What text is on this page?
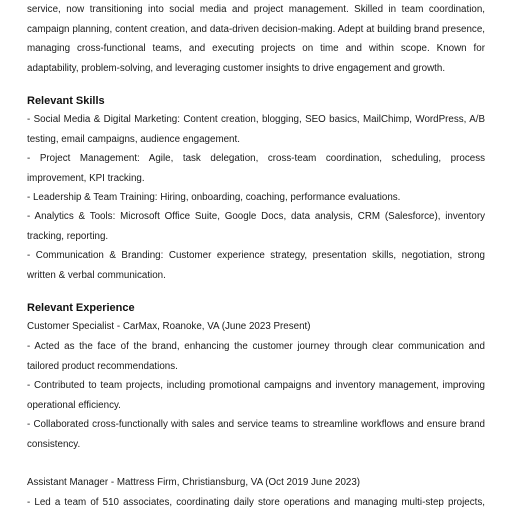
service, now transitioning into social media and project management. Skilled in team coordination, campaign planning, content creation, and data-driven decision-making. Adept at building brand presence, managing cross-functional teams, and executing projects on time and within scope. Known for adaptability, problem-solving, and leveraging customer insights to drive engagement and growth.

Relevant Skills

- Social Media & Digital Marketing: Content creation, blogging, SEO basics, MailChimp, WordPress, A/B testing, email campaigns, audience engagement.

- Project Management: Agile, task delegation, cross-team coordination, scheduling, process improvement, KPI tracking.

- Leadership & Team Training: Hiring, onboarding, coaching, performance evaluations.

- Analytics & Tools: Microsoft Office Suite, Google Docs, data analysis, CRM (Salesforce), inventory tracking, reporting.

- Communication & Branding: Customer experience strategy, presentation skills, negotiation, strong written & verbal communication.

Relevant Experience

Customer Specialist - CarMax, Roanoke, VA (June 2023 Present)

- Acted as the face of the brand, enhancing the customer journey through clear communication and tailored product recommendations.

- Contributed to team projects, including promotional campaigns and inventory management, improving operational efficiency.

- Collaborated cross-functionally with sales and service teams to streamline workflows and ensure brand consistency.

Assistant Manager - Mattress Firm, Christiansburg, VA (Oct 2019 June 2023)

- Led a team of 510 associates, coordinating daily store operations and managing multi-step projects,
